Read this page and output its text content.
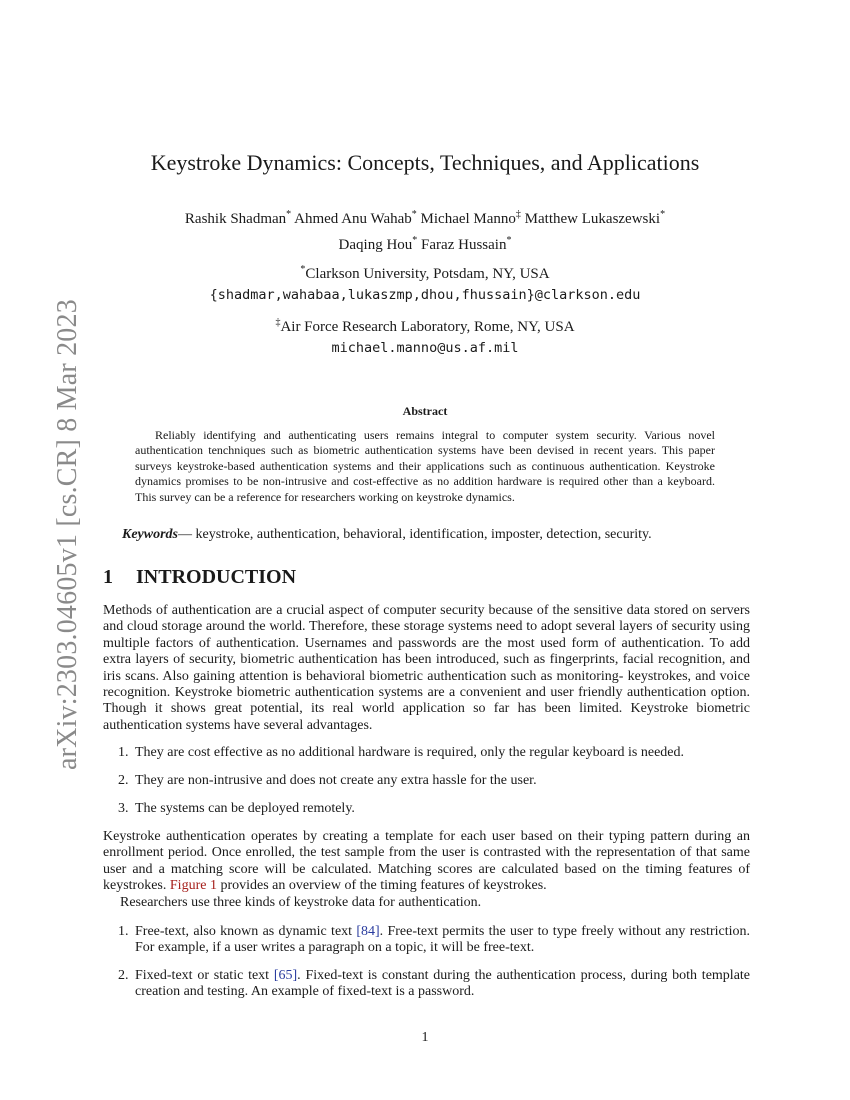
arXiv:2303.04605v1 [cs.CR] 8 Mar 2023
Keystroke Dynamics: Concepts, Techniques, and Applications
Rashik Shadman* Ahmed Anu Wahab* Michael Manno‡ Matthew Lukaszewski*
Daqing Hou* Faraz Hussain*
*Clarkson University, Potsdam, NY, USA
{shadmar,wahabaa,lukaszmp,dhou,fhussain}@clarkson.edu
‡Air Force Research Laboratory, Rome, NY, USA
michael.manno@us.af.mil
Abstract

Reliably identifying and authenticating users remains integral to computer system security. Various novel authentication tenchniques such as biometric authentication systems have been devised in recent years. This paper surveys keystroke-based authentication systems and their applications such as continuous authentication. Keystroke dynamics promises to be non-intrusive and cost-effective as no addition hardware is required other than a keyboard. This survey can be a reference for researchers working on keystroke dynamics.

Keywords— keystroke, authentication, behavioral, identification, imposter, detection, security.

1 INTRODUCTION

Methods of authentication are a crucial aspect of computer security because of the sensitive data stored on servers and cloud storage around the world. Therefore, these storage systems need to adopt several layers of security using multiple factors of authentication. Usernames and passwords are the most used form of authentication. To add extra layers of security, biometric authentication has been introduced, such as fingerprints, facial recognition, and iris scans. Also gaining attention is behavioral biometric authentication such as monitoring- keystrokes, and voice recognition. Keystroke biometric authentication systems are a convenient and user friendly authentication option. Though it shows great potential, its real world application so far has been limited. Keystroke biometric authentication systems have several advantages.

1. They are cost effective as no additional hardware is required, only the regular keyboard is needed.
2. They are non-intrusive and does not create any extra hassle for the user.
3. The systems can be deployed remotely.

Keystroke authentication operates by creating a template for each user based on their typing pattern during an enrollment period. Once enrolled, the test sample from the user is contrasted with the representation of that same user and a matching score will be calculated. Matching scores are calculated based on the timing features of keystrokes. Figure 1 provides an overview of the timing features of keystrokes.

Researchers use three kinds of keystroke data for authentication.

1. Free-text, also known as dynamic text [84]. Free-text permits the user to type freely without any restriction. For example, if a user writes a paragraph on a topic, it will be free-text.
2. Fixed-text or static text [65]. Fixed-text is constant during the authentication process, during both template creation and testing. An example of fixed-text is a password.
1
